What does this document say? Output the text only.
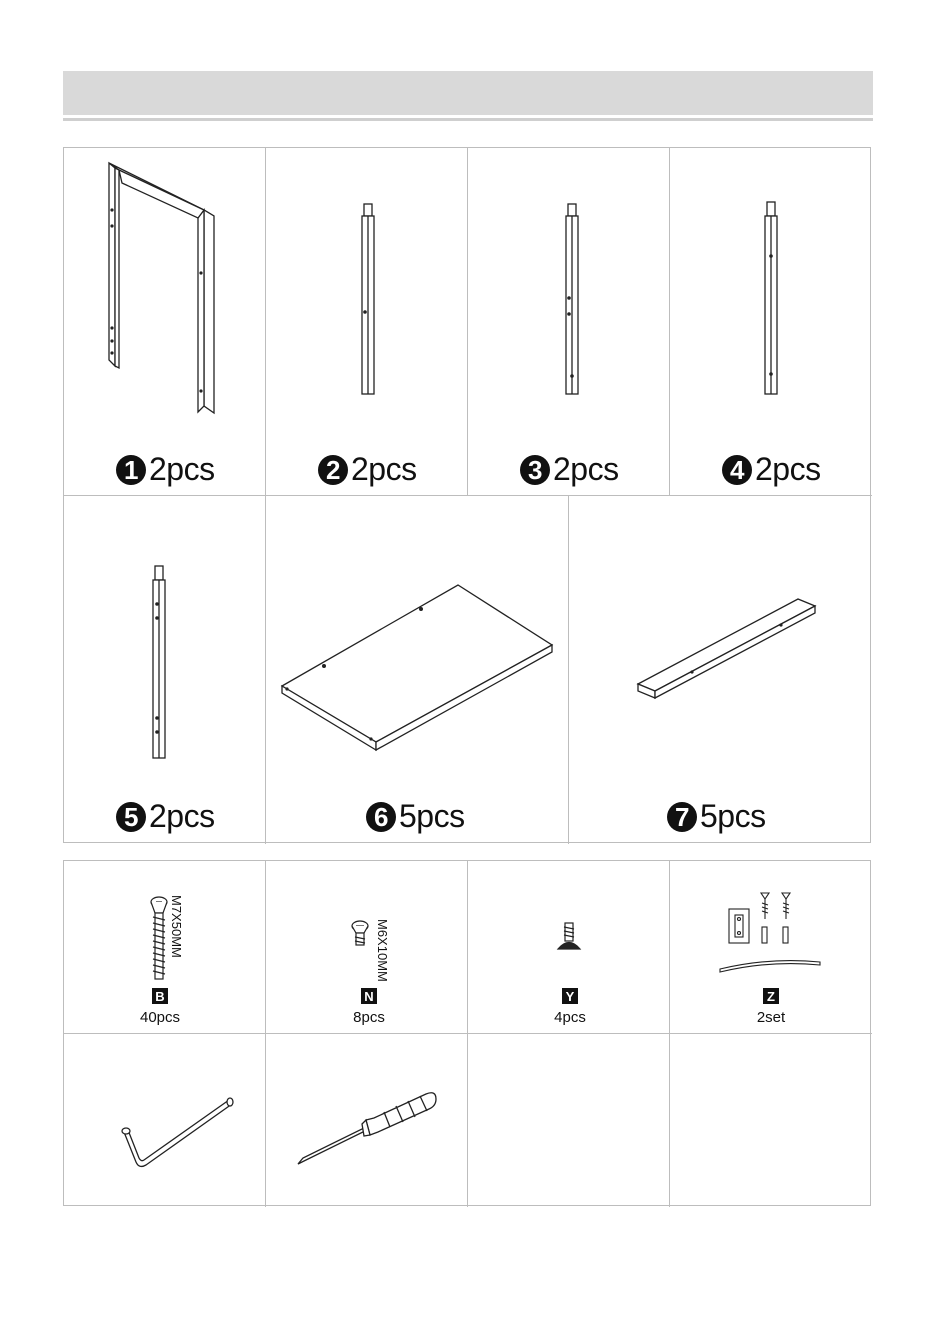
1 2pcs	2 2pcs	3 2pcs	4 2pcs
5 2pcs	6 5pcs	7 5pcs
M7X50MM
B
40pcs
M6X10MM
N
8pcs
Y
4pcs
Z
2set
